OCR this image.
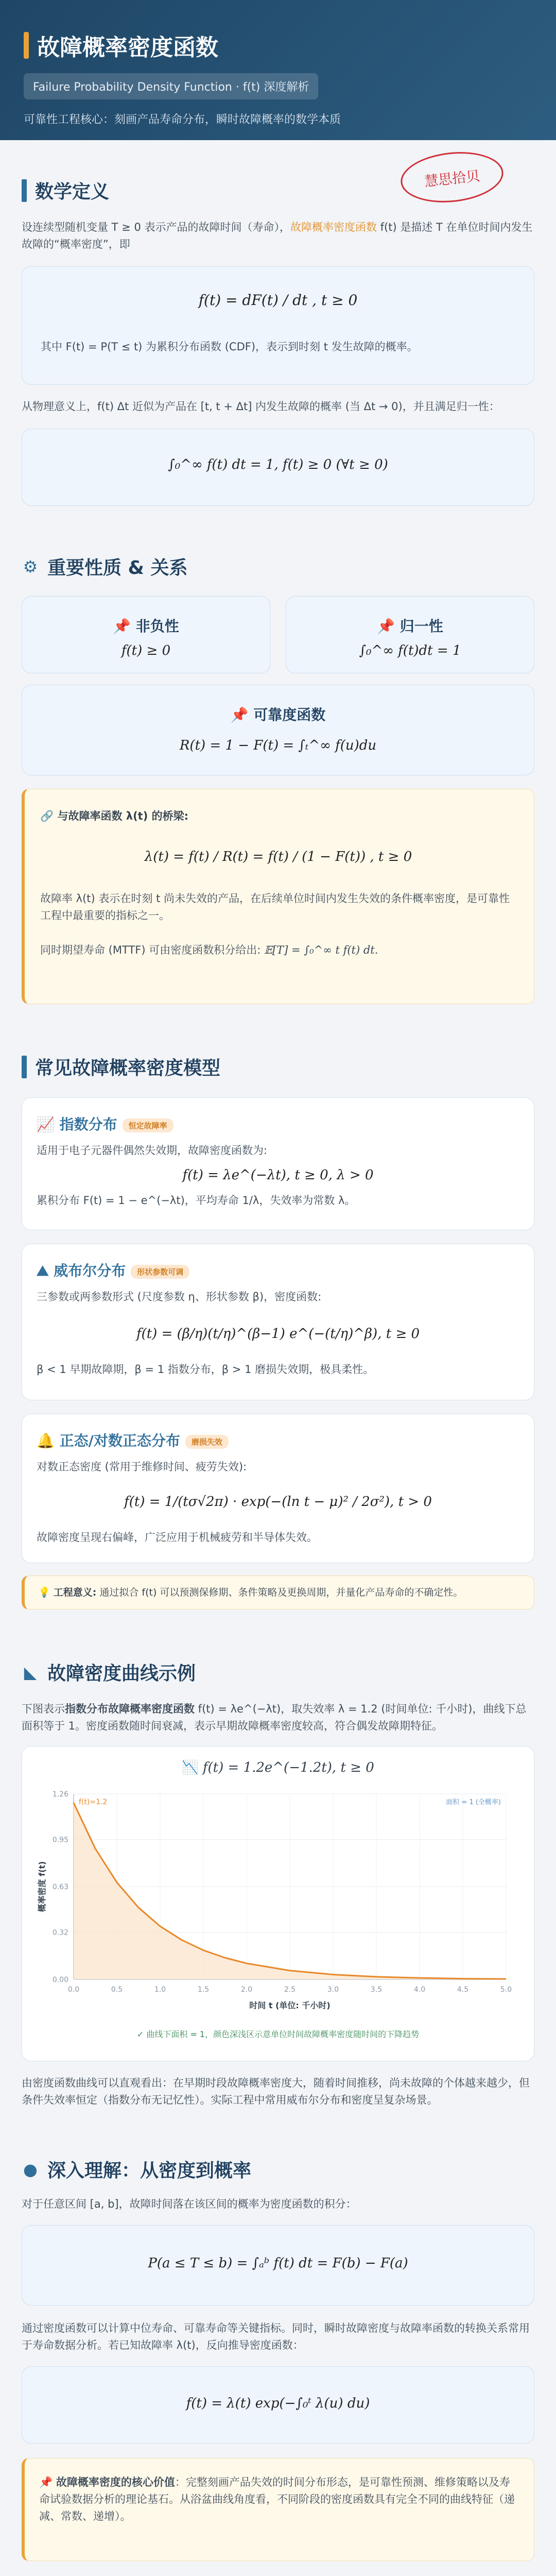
故障概率密度函数
Failure Probability Density Function · f(t) 深度解析
可靠性工程核心：刻画产品寿命分布，瞬时故障概率的数学本质
慧思拾贝
数学定义
设连续型随机变量 T ≥ 0 表示产品的故障时间（寿命），故障概率密度函数 f(t) 是描述 T 在单位时间内发生故障的“概率密度”，即
f(t) = dF(t) / dt , t ≥ 0
其中 F(t) = P(T ≤ t) 为累积分布函数 (CDF)，表示到时刻 t 发生故障的概率。
从物理意义上，f(t) Δt 近似为产品在 [t, t + Δt] 内发生故障的概率 (当 Δt → 0)，并且满足归一性：
∫₀^∞ f(t) dt = 1, f(t) ≥ 0 (∀t ≥ 0)
⚙ 重要性质 & 关系
📌 非负性
f(t) ≥ 0
📌 归一性
∫₀^∞ f(t)dt = 1
📌 可靠度函数
R(t) = 1 − F(t) = ∫ₜ^∞ f(u)du
🔗 与故障率函数 λ(t) 的桥梁:
λ(t) = f(t) / R(t) = f(t) / (1 − F(t)) , t ≥ 0
故障率 λ(t) 表示在时刻 t 尚未失效的产品，在后续单位时间内发生失效的条件概率密度，是可靠性工程中最重要的指标之一。
同时期望寿命 (MTTF) 可由密度函数积分给出: 𝔼[T] = ∫₀^∞ t f(t) dt.
常见故障概率密度模型
📈 指数分布 恒定故障率
适用于电子元器件偶然失效期，故障密度函数为:
f(t) = λe^(−λt), t ≥ 0, λ > 0
累积分布 F(t) = 1 − e^(−λt)，平均寿命 1/λ，失效率为常数 λ。
⛰ 威布尔分布 形状参数可调
三参数或两参数形式 (尺度参数 η、形状参数 β)，密度函数:
f(t) = (β/η)(t/η)^(β−1) e^(−(t/η)^β), t ≥ 0
β < 1 早期故障期，β = 1 指数分布，β > 1 磨损失效期，极具柔性。
🔔 正态/对数正态分布 磨损失效
对数正态密度 (常用于维修时间、疲劳失效):
f(t) = 1/(tσ√2π) · exp(−(ln t − μ)² / 2σ²), t > 0
故障密度呈现右偏峰，广泛应用于机械疲劳和半导体失效。
💡 工程意义: 通过拟合 f(t) 可以预测保修期、条件策略及更换周期，并量化产品寿命的不确定性。
◣ 故障密度曲线示例
下图表示指数分布故障概率密度函数 f(t) = λe^(−λt)，取失效率 λ = 1.2 (时间单位: 千小时)，曲线下总面积等于 1。密度函数随时间衰减，表示早期故障概率密度较高，符合偶发故障期特征。
📉 f(t) = 1.2e^(−1.2t), t ≥ 0
0.00
0.32
0.63
0.95
1.26
0.0	0.5	1.0	1.5	2.0	2.5	3.0	3.5	4.0	4.5	5.0
f(t)=1.2	面积 = 1 (全概率)
时间 t (单位: 千小时)
概率密度 f(t)
✓ 曲线下面积 = 1，颜色深浅区示意单位时间故障概率密度随时间的下降趋势
由密度函数曲线可以直观看出：在早期时段故障概率密度大，随着时间推移，尚未故障的个体越来越少，但条件失效率恒定（指数分布无记忆性）。实际工程中常用威布尔分布和密度呈复杂场景。
● 深入理解：从密度到概率
对于任意区间 [a, b]，故障时间落在该区间的概率为密度函数的积分：
P(a ≤ T ≤ b) = ∫ₐᵇ f(t) dt = F(b) − F(a)
通过密度函数可以计算中位寿命、可靠寿命等关键指标。同时，瞬时故障密度与故障率函数的转换关系常用于寿命数据分析。若已知故障率 λ(t)，反向推导密度函数：
f(t) = λ(t) exp(−∫₀ᵗ λ(u) du)
📌 故障概率密度的核心价值：完整刻画产品失效的时间分布形态，是可靠性预测、维修策略以及寿命试验数据分析的理论基石。从浴盆曲线角度看，不同阶段的密度函数具有完全不同的曲线特征（递减、常数、递增）。
